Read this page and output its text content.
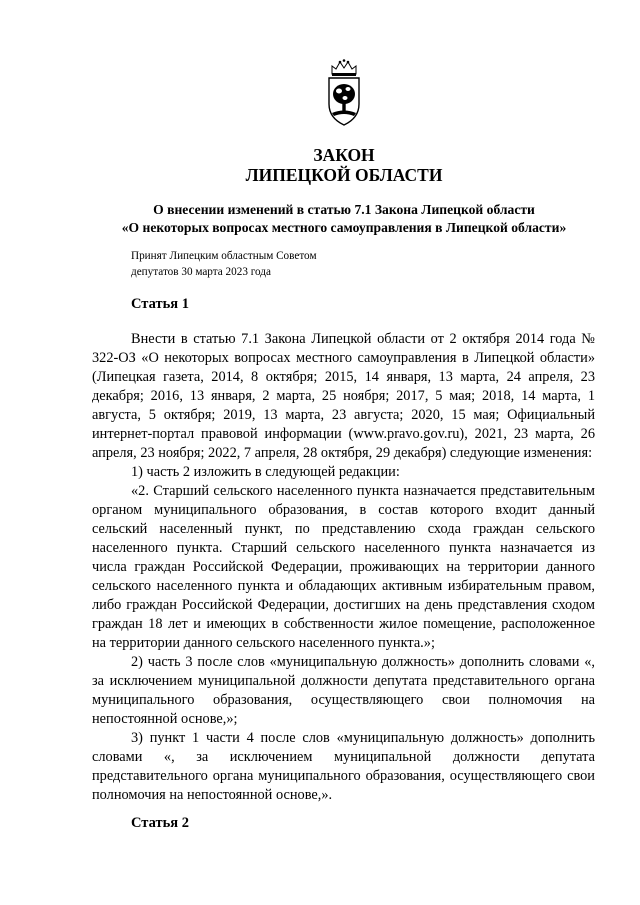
ЗАКОН
ЛИПЕЦКОЙ ОБЛАСТИ
О внесении изменений в статью 7.1 Закона Липецкой области
«О некоторых вопросах местного самоуправления в Липецкой области»
Принят Липецким областным Советом
депутатов 30 марта 2023 года
Статья 1

Внести в статью 7.1 Закона Липецкой области от 2 октября 2014 года № 322-ОЗ «О некоторых вопросах местного самоуправления в Липецкой области» (Липецкая газета, 2014, 8 октября; 2015, 14 января, 13 марта, 24 апреля, 23 декабря; 2016, 13 января, 2 марта, 25 ноября; 2017, 5 мая; 2018, 14 марта, 1 августа, 5 октября; 2019, 13 марта, 23 августа; 2020, 15 мая; Официальный интернет-портал правовой информации (www.pravo.gov.ru), 2021, 23 марта, 26 апреля, 23 ноября; 2022, 7 апреля, 28 октября, 29 декабря) следующие изменения:

1) часть 2 изложить в следующей редакции:

«2. Старший сельского населенного пункта назначается представительным органом муниципального образования, в состав которого входит данный сельский населенный пункт, по представлению схода граждан сельского населенного пункта. Старший сельского населенного пункта назначается из числа граждан Российской Федерации, проживающих на территории данного сельского населенного пункта и обладающих активным избирательным правом, либо граждан Российской Федерации, достигших на день представления сходом граждан 18 лет и имеющих в собственности жилое помещение, расположенное на территории данного сельского населенного пункта.»;

2) часть 3 после слов «муниципальную должность» дополнить словами «, за исключением муниципальной должности депутата представительного органа муниципального образования, осуществляющего свои полномочия на непостоянной основе,»;

3) пункт 1 части 4 после слов «муниципальную должность» дополнить словами «, за исключением муниципальной должности депутата представительного органа муниципального образования, осуществляющего свои полномочия на непостоянной основе,».

Статья 2
